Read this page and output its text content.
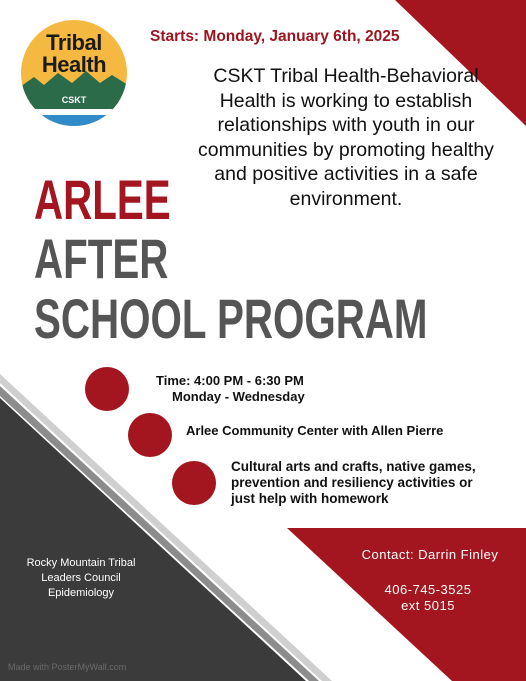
Tribal
Health
CSKT
Starts: Monday, January 6th, 2025
CSKT Tribal Health-Behavioral Health is working to establish relationships with youth in our communities by promoting healthy and positive activities in a safe environment.
ARLEE
AFTER
SCHOOL PROGRAM
Time: 4:00 PM - 6:30 PM
Monday - Wednesday
Arlee Community Center with Allen Pierre
Cultural arts and crafts, native games,
prevention and resiliency activities or
just help with homework
Contact: Darrin Finley
406-745-3525
ext 5015
Rocky Mountain Tribal
Leaders Council
Epidemiology
Made with PosterMyWall.com
